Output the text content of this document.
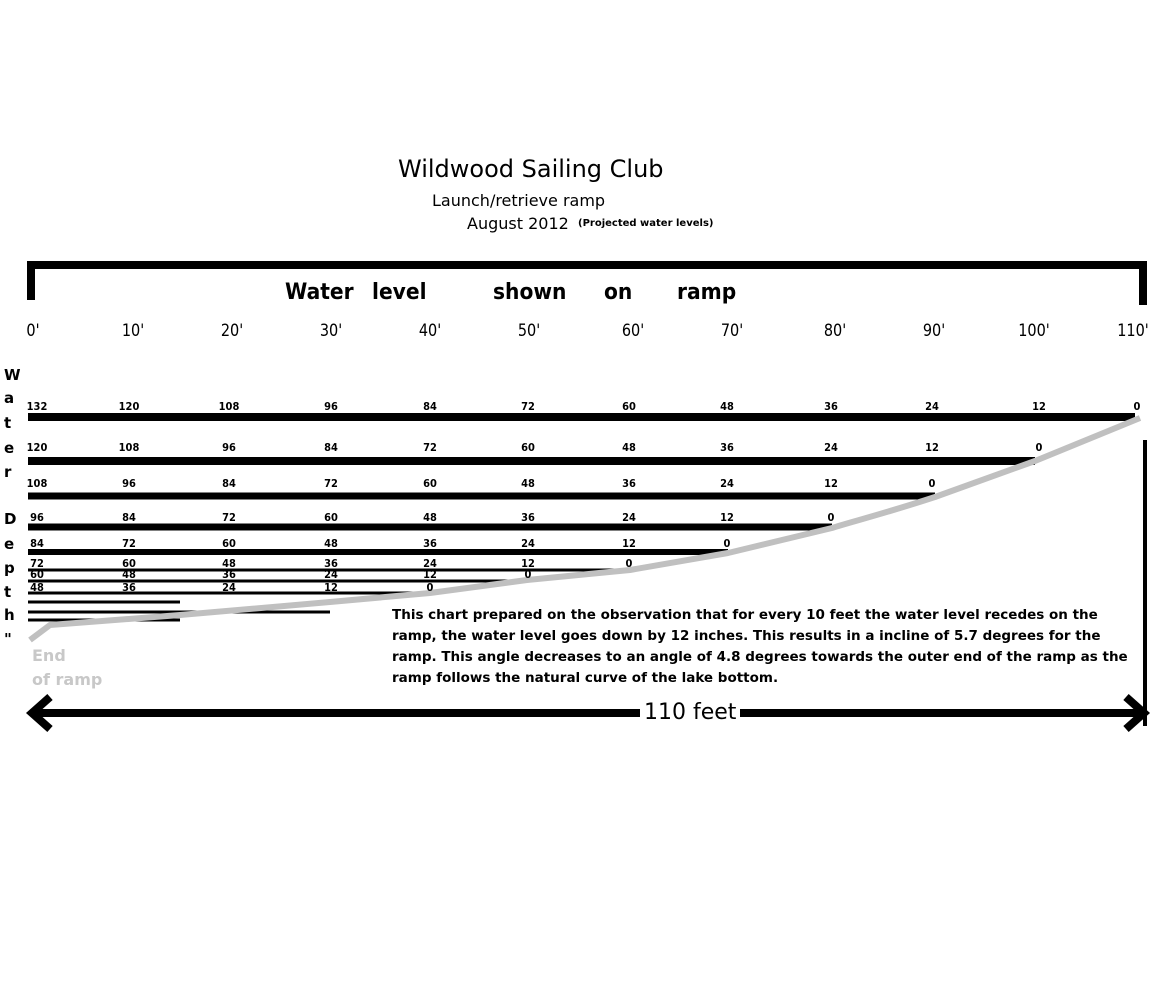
Wildwood Sailing Club
Launch/retrieve ramp
August 2012 (Projected water levels)
This chart prepared on the observation that for every 10 feet the water level recedes on the ramp, the water level goes down by 12 inches. This results in a incline of 5.7 degrees for the ramp. This angle decreases to an angle of 4.8 degrees towards the outer end of the ramp as the ramp follows the natural curve of the lake bottom.
End
of ramp
110 feet
Water level	shown on ramp
0'	10'	20'	30'	40'	50'	60'	70'	80'	90'	100'	110'
W
a
t
e
r
D
e
p
t
h
"
132	120	108	96	84	72	60	48	36	24	12	0
120	108	96	84	72	60	48	36	24	12	0
108	96	84	72	60	48	36	24	12	0
96	84	72	60	48	36	24	12	0
84	72	60	48	36	24	12	0
72	60	48	36	24	12	0
60	48	36	24	12	0
48	36	24	12	0
